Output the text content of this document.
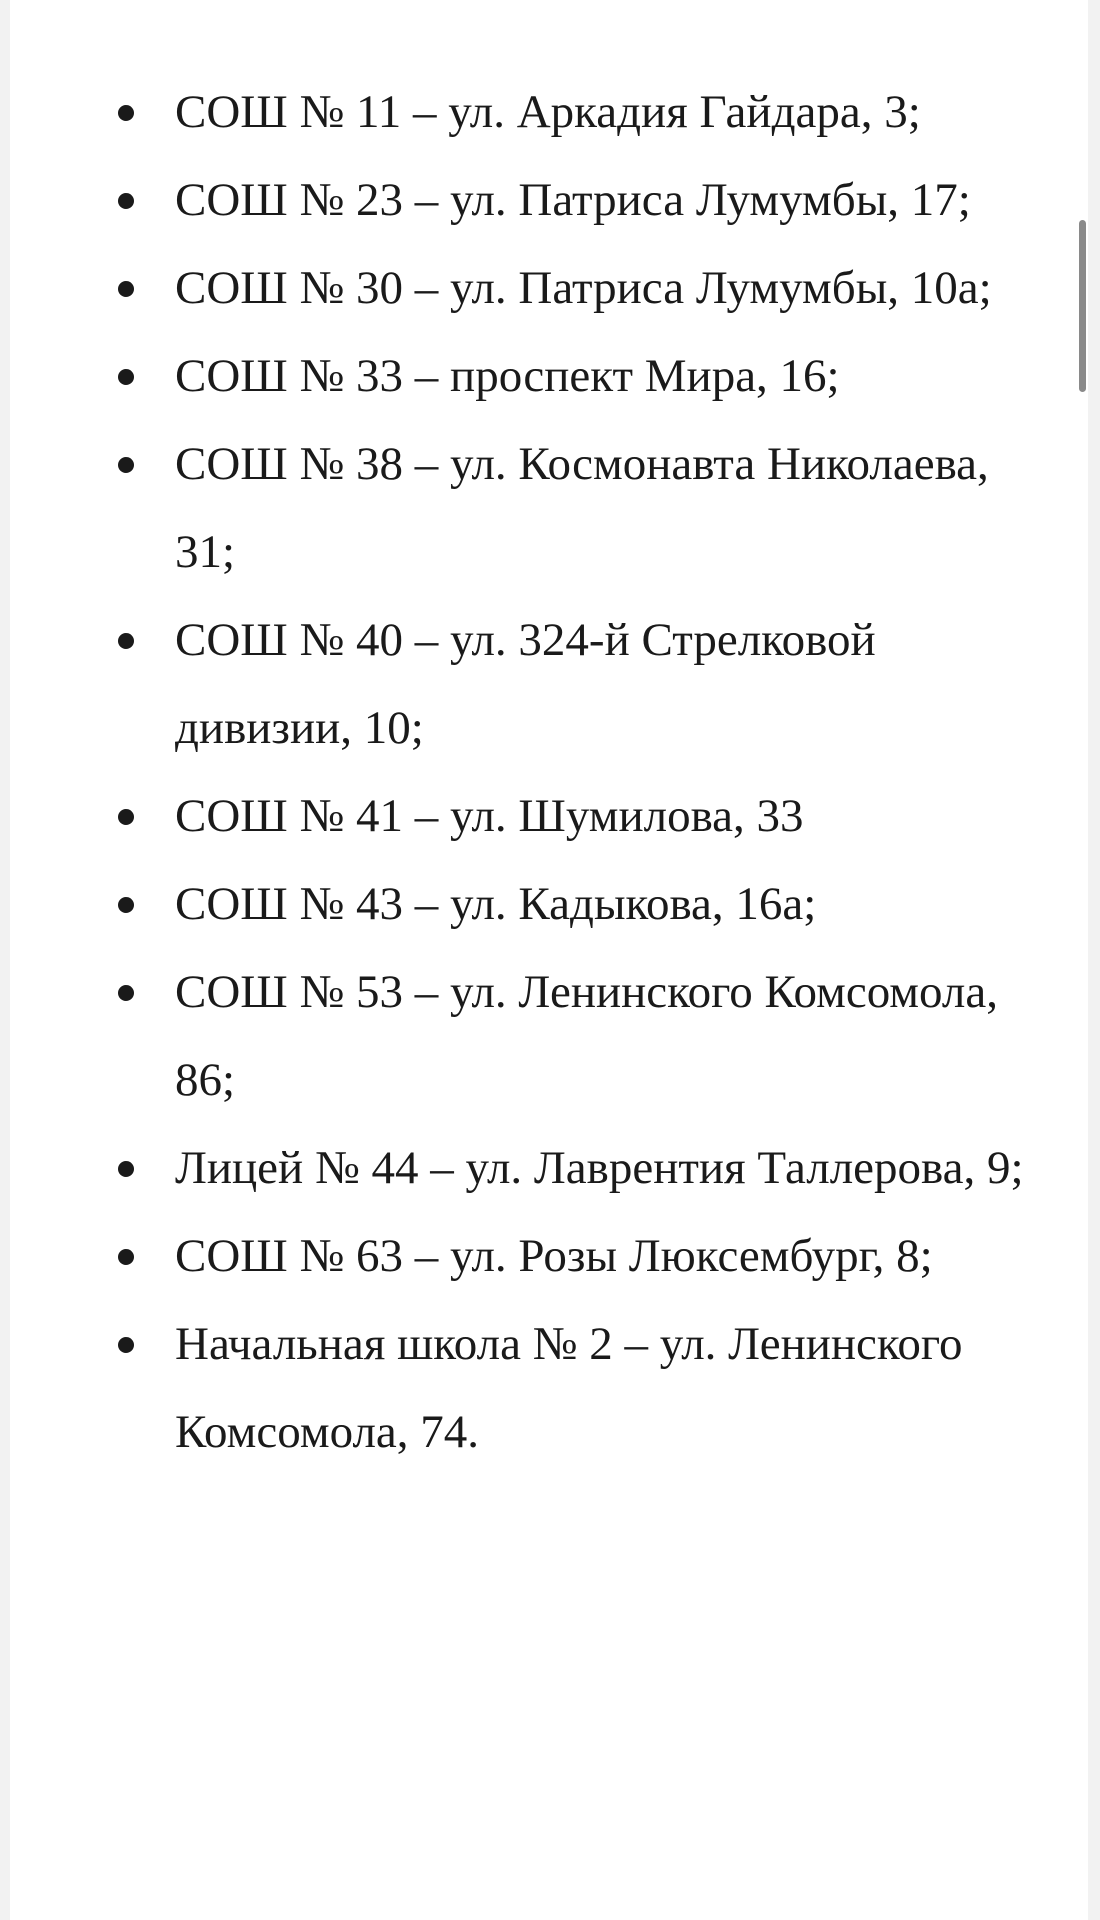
СОШ № 11 – ул. Аркадия Гайдара, 3;
СОШ № 23 – ул. Патриса Лумумбы, 17;
СОШ № 30 – ул. Патриса Лумумбы, 10а;
СОШ № 33 – проспект Мира, 16;
СОШ № 38 – ул. Космонавта Николаева, 31;
СОШ № 40 – ул. 324-й Стрелковой дивизии, 10;
СОШ № 41 – ул. Шумилова, 33
СОШ № 43 – ул. Кадыкова, 16а;
СОШ № 53 – ул. Ленинского Комсомола, 86;
Лицей № 44 – ул. Лаврентия Таллерова, 9;
СОШ № 63 – ул. Розы Люксембург, 8;
Начальная школа № 2 – ул. Ленинского Комсомола, 74.
